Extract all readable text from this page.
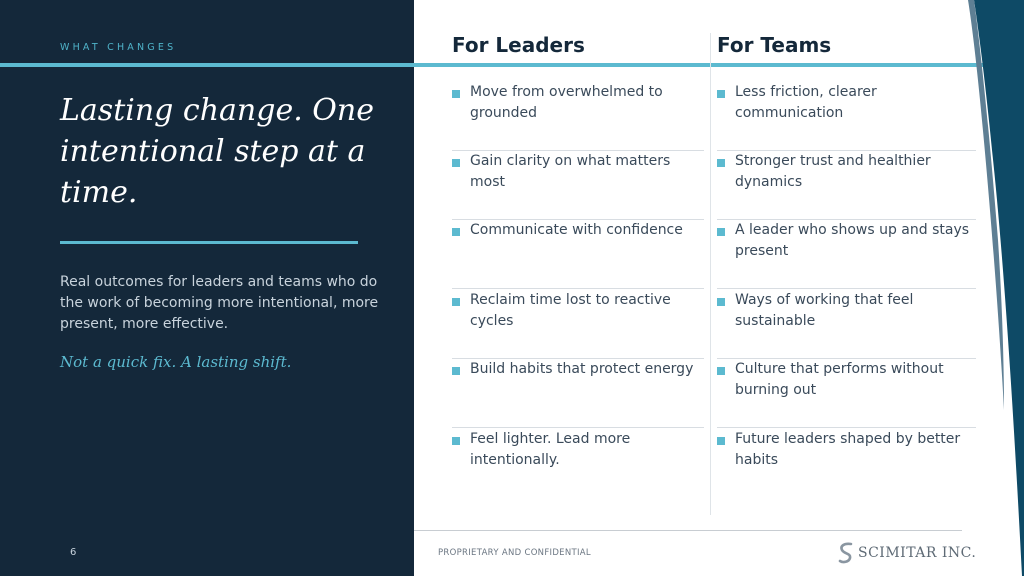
WHAT CHANGES
Lasting change. One intentional step at a time.
Real outcomes for leaders and teams who do the work of becoming more intentional, more present, more effective.
Not a quick fix. A lasting shift.
6
For Leaders	For Teams
Move from overwhelmed to grounded
Gain clarity on what matters most
Communicate with confidence
Reclaim time lost to reactive cycles
Build habits that protect energy
Feel lighter. Lead more intentionally.
Less friction, clearer communication
Stronger trust and healthier dynamics
A leader who shows up and stays present
Ways of working that feel sustainable
Culture that performs without burning out
Future leaders shaped by better habits
PROPRIETARY AND CONFIDENTIAL	SCIMITAR INC.
